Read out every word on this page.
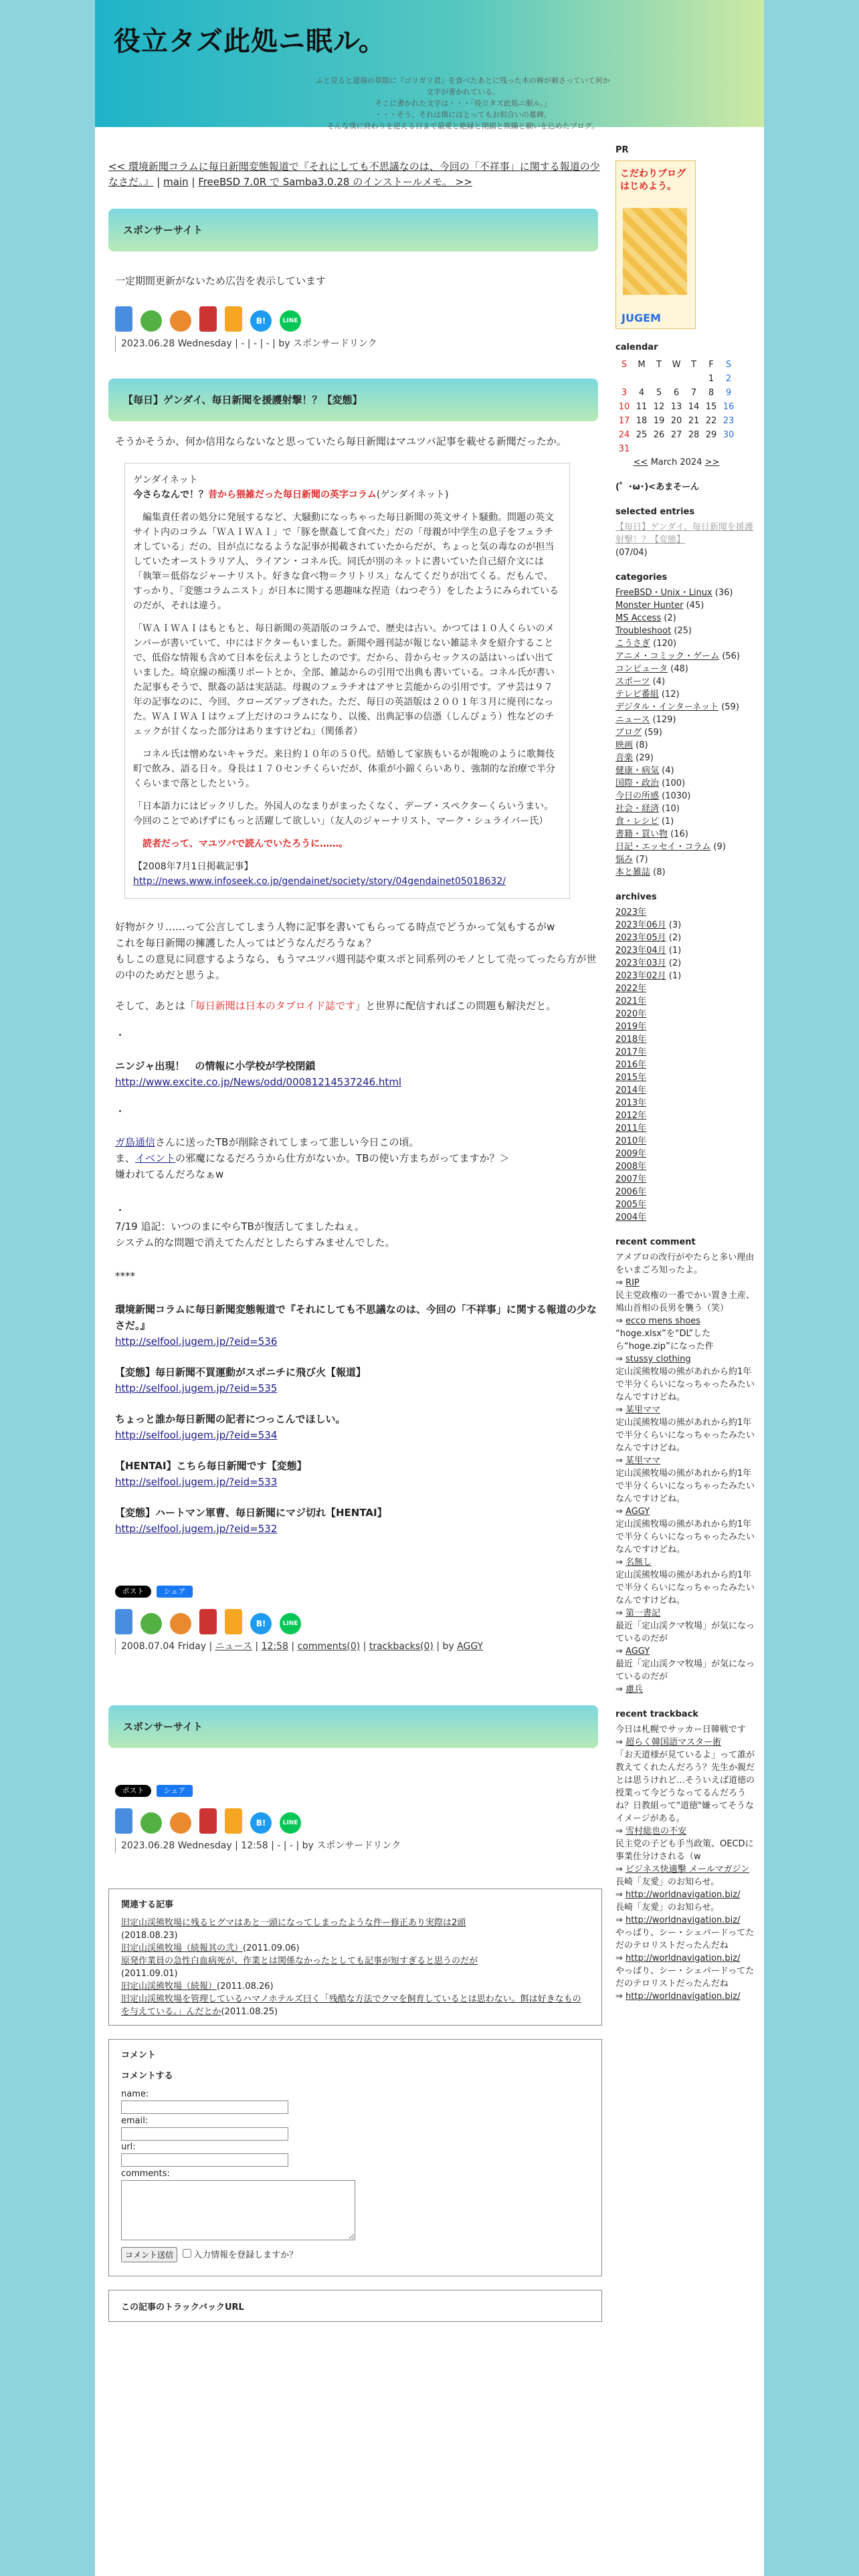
役立タズ此処ニ眠ル。
ふと見ると道端の草陰に『ゴリガリ君』を食べたあとに残った木の棒が刺さっていて何か文字が書かれている。
そこに書かれた文字は・・・「役立タズ此処ニ眠ル。」
・・・そう、それは僕にはとってもお似合いの墓碑。
そんな僕に終わりを迎える日まで最愛と絶縁と閉鎖と欺瞞と願いを込めたブログ。
<< 環境新聞コラムに毎日新聞変態報道で『それにしても不思議なのは、今回の「不祥事」に関する報道の少なさだ。』 | main | FreeBSD 7.0R で Samba3.0.28 のインストールメモ。 >>
スポンサーサイト
一定期間更新がないため広告を表示しています
B!	LINE
2023.06.28 Wednesday | - | - | - | by スポンサードリンク
【毎日】ゲンダイ、毎日新聞を援護射撃！？【変態】
そうかそうか、何か信用ならないなと思っていたら毎日新聞はマユツバ記事を載せる新聞だったか。
ゲンダイネット
今さらなんで！？昔から猥雑だった毎日新聞の英字コラム(ゲンダイネット)

　編集責任者の処分に発展するなど、大騒動になっちゃった毎日新聞の英文サイト騒動。問題の英文サイト内のコラム「ＷＡＩＷＡＩ」で「豚を獣姦して食べた」だの「母親が中学生の息子をフェラチオしている」だの、目が点になるような記事が掲載されていたからだが、ちょっと気の毒なのが担当していたオーストラリア人、ライアン・コネル氏。同氏が別のネットに書いていた自己紹介文には「執筆＝低俗なジャーナリスト。好きな食べ物＝クリトリス」なんてくだりが出てくる。だもんで、すっかり、「変態コラムニスト」が日本に関する悪趣味な捏造（ねつぞう）をしたようにみられているのだが、それは違う。

「ＷＡＩＷＡＩはもともと、毎日新聞の英語版のコラムで、歴史は古い。かつては１０人くらいのメンバーが書いていて、中にはドクターもいました。新聞や週刊誌が報じない雑誌ネタを紹介することで、低俗な情報も含めて日本を伝えようとしたのです。だから、昔からセックスの話はいっぱい出ていました。埼京線の痴漢リポートとか、全部、雑誌からの引用で出典も書いている。コネル氏が書いた記事もそうで、獣姦の話は実話誌。母親のフェラチオはアサヒ芸能からの引用です。アサ芸は９７年の記事なのに、今回、クローズアップされた。ただ、毎日の英語版は２００１年３月に廃刊になった。ＷＡＩＷＡＩはウェブ上だけのコラムになり、以後、出典記事の信憑（しんぴょう）性などのチェックが甘くなった部分はありますけどね」（関係者）

　コネル氏は憎めないキャラだ。来日約１０年の５０代。結婚して家族もいるが報晩のように歌舞伎町で飲み、語る日々。身長は１７０センチくらいだが、体重が小錦くらいあり、強制的な治療で半分くらいまで落としたという。

「日本語力にはビックリした。外国人のなまりがまったくなく、デーブ・スペクターくらいうまい。今回のことでめげずにもっと活躍して欲しい」（友人のジャーナリスト、マーク・シュライバー氏）

　読者だって、マユツバで読んでいたろうに……。

【2008年7月1日掲載記事】
http://news.www.infoseek.co.jp/gendainet/society/story/04gendainet05018632/
好物がクリ……って公言してしまう人物に記事を書いてもらってる時点でどうかって気もするがw
これを毎日新聞の擁護した人ってはどうなんだろうなぁ？
もしこの意見に同意するようなら、もうマユツバ週刊誌や東スポと同系列のモノとして売ってったら方が世の中のためだと思うよ。
そして、あとは「毎日新聞は日本のタブロイド誌です」と世界に配信すればこの問題も解決だと。
・
ニンジャ出現！　の情報に小学校が学校閉鎖
http://www.excite.co.jp/News/odd/00081214537246.html
・
ガ島通信さんに送ったTBが削除されてしまって悲しい今日この頃。
ま、イベントの邪魔になるだろうから仕方がないか。TBの使い方まちがってますか？＞
嫌われてるんだろなぁw
・
7/19 追記：いつのまにやらTBが復活してましたねぇ。
システム的な問題で消えてたんだとしたらすみませんでした。
****
環境新聞コラムに毎日新聞変態報道で『それにしても不思議なのは、今回の「不祥事」に関する報道の少なさだ。』
http://selfool.jugem.jp/?eid=536
【変態】毎日新聞不買運動がスポニチに飛び火【報道】
http://selfool.jugem.jp/?eid=535
ちょっと誰か毎日新聞の記者につっこんでほしい。
http://selfool.jugem.jp/?eid=534
【HENTAI】こちら毎日新聞です【変態】
http://selfool.jugem.jp/?eid=533
【変態】ハートマン軍曹、毎日新聞にマジ切れ【HENTAI】
http://selfool.jugem.jp/?eid=532
ポスト	シェア
B!	LINE
2008.07.04 Friday | ニュース | 12:58 | comments(0) | trackbacks(0) | by AGGY
スポンサーサイト
ポスト	シェア
B!	LINE
2023.06.28 Wednesday | 12:58 | - | - | by スポンサードリンク
関連する記事
旧定山渓熊牧場に残るヒグマはあと一頭になってしまったような件ー修正あり実際は2頭
(2018.08.23)
旧定山渓熊牧場（続報其の弐）(2011.09.06)
原発作業員の急性白血病死が、作業とは関係なかったとしても記事が短すぎると思うのだが
(2011.09.01)
旧定山渓熊牧場（続報）(2011.08.26)
旧定山渓熊牧場を管理しているハマノホテルズ曰く「残酷な方法でクマを飼育しているとは思わない。餌は好きなものを与えている。」んだとか(2011.08.25)
コメント
コメントする
name:
email:
url:
comments:
コメント送信 入力情報を登録しますか？
この記事のトラックバックURL
PR
こだわりブログはじめよう。
JUGEM
calendar
S	M	T	W	T	F	S
					1	2
3	4	5	6	7	8	9
10	11	12	13	14	15	16
17	18	19	20	21	22	23
24	25	26	27	28	29	30
31						
<< March 2024 >>
(゜･ω･)<あまそーん
selected entries
【毎日】ゲンダイ、毎日新聞を援護射撃！？【変態】
(07/04)
categories
FreeBSD・Unix・Linux (36)
Monster Hunter (45)
MS Access (2)
Troubleshoot (25)
こうさぎ (120)
アニメ・コミック・ゲーム (56)
コンピュータ (48)
スポーツ (4)
テレビ番組 (12)
デジタル・インターネット (59)
ニュース (129)
ブログ (59)
映画 (8)
音楽 (29)
健康・病気 (4)
国際・政治 (100)
今日の所感 (1030)
社会・経済 (10)
食・レシピ (1)
書籍・買い物 (16)
日記・エッセイ・コラム (9)
悩み (7)
本と雑誌 (8)
archives
2023年
2023年06月 (3)
2023年05月 (2)
2023年04月 (1)
2023年03月 (2)
2023年02月 (1)
2022年
2021年
2020年
2019年
2018年
2017年
2016年
2015年
2014年
2013年
2012年
2011年
2010年
2009年
2008年
2007年
2006年
2005年
2004年
recent comment
アメブロの改行がやたらと多い理由をいまごろ知ったよ。
⇒ RIP
民主党政権の一番でかい置き土産、鳩山首相の長男を襲う（笑）
⇒ ecco mens shoes
“hoge.xlsx”を“DL”したら“hoge.zip”になった件
⇒ stussy clothing
定山渓熊牧場の熊があれから約1年で半分くらいになっちゃったみたいなんですけどね。
⇒ 某里ママ
定山渓熊牧場の熊があれから約1年で半分くらいになっちゃったみたいなんですけどね。
⇒ 某里ママ
定山渓熊牧場の熊があれから約1年で半分くらいになっちゃったみたいなんですけどね。
⇒ AGGY
定山渓熊牧場の熊があれから約1年で半分くらいになっちゃったみたいなんですけどね。
⇒ 名無し
定山渓熊牧場の熊があれから約1年で半分くらいになっちゃったみたいなんですけどね。
⇒ 第一書記
最近「定山渓クマ牧場」が気になっているのだが
⇒ AGGY
最近「定山渓クマ牧場」が気になっているのだが
⇒ 慮兵
recent trackback
今日は札幌でサッカー日韓戦です
⇒ 超らく韓国語マスター術
「お天道様が見ているよ」って誰が教えてくれたんだろう？先生か親だとは思うけれど…そういえば道徳の授業って今どうなってるんだろうね？日教組って"道徳"嫌ってそうなイメージがある。
⇒ 雪村総也の不安
民主党の子ども手当政策、OECDに事業仕分けされる（w
⇒ ビジネス快適擊 メールマガジン
長崎「友愛」のお知らせ。
⇒ http://worldnavigation.biz/
長崎「友愛」のお知らせ。
⇒ http://worldnavigation.biz/
やっぱり、シー・シェパードってただのテロリストだったんだね
⇒ http://worldnavigation.biz/
やっぱり、シー・シェパードってただのテロリストだったんだね
⇒ http://worldnavigation.biz/
